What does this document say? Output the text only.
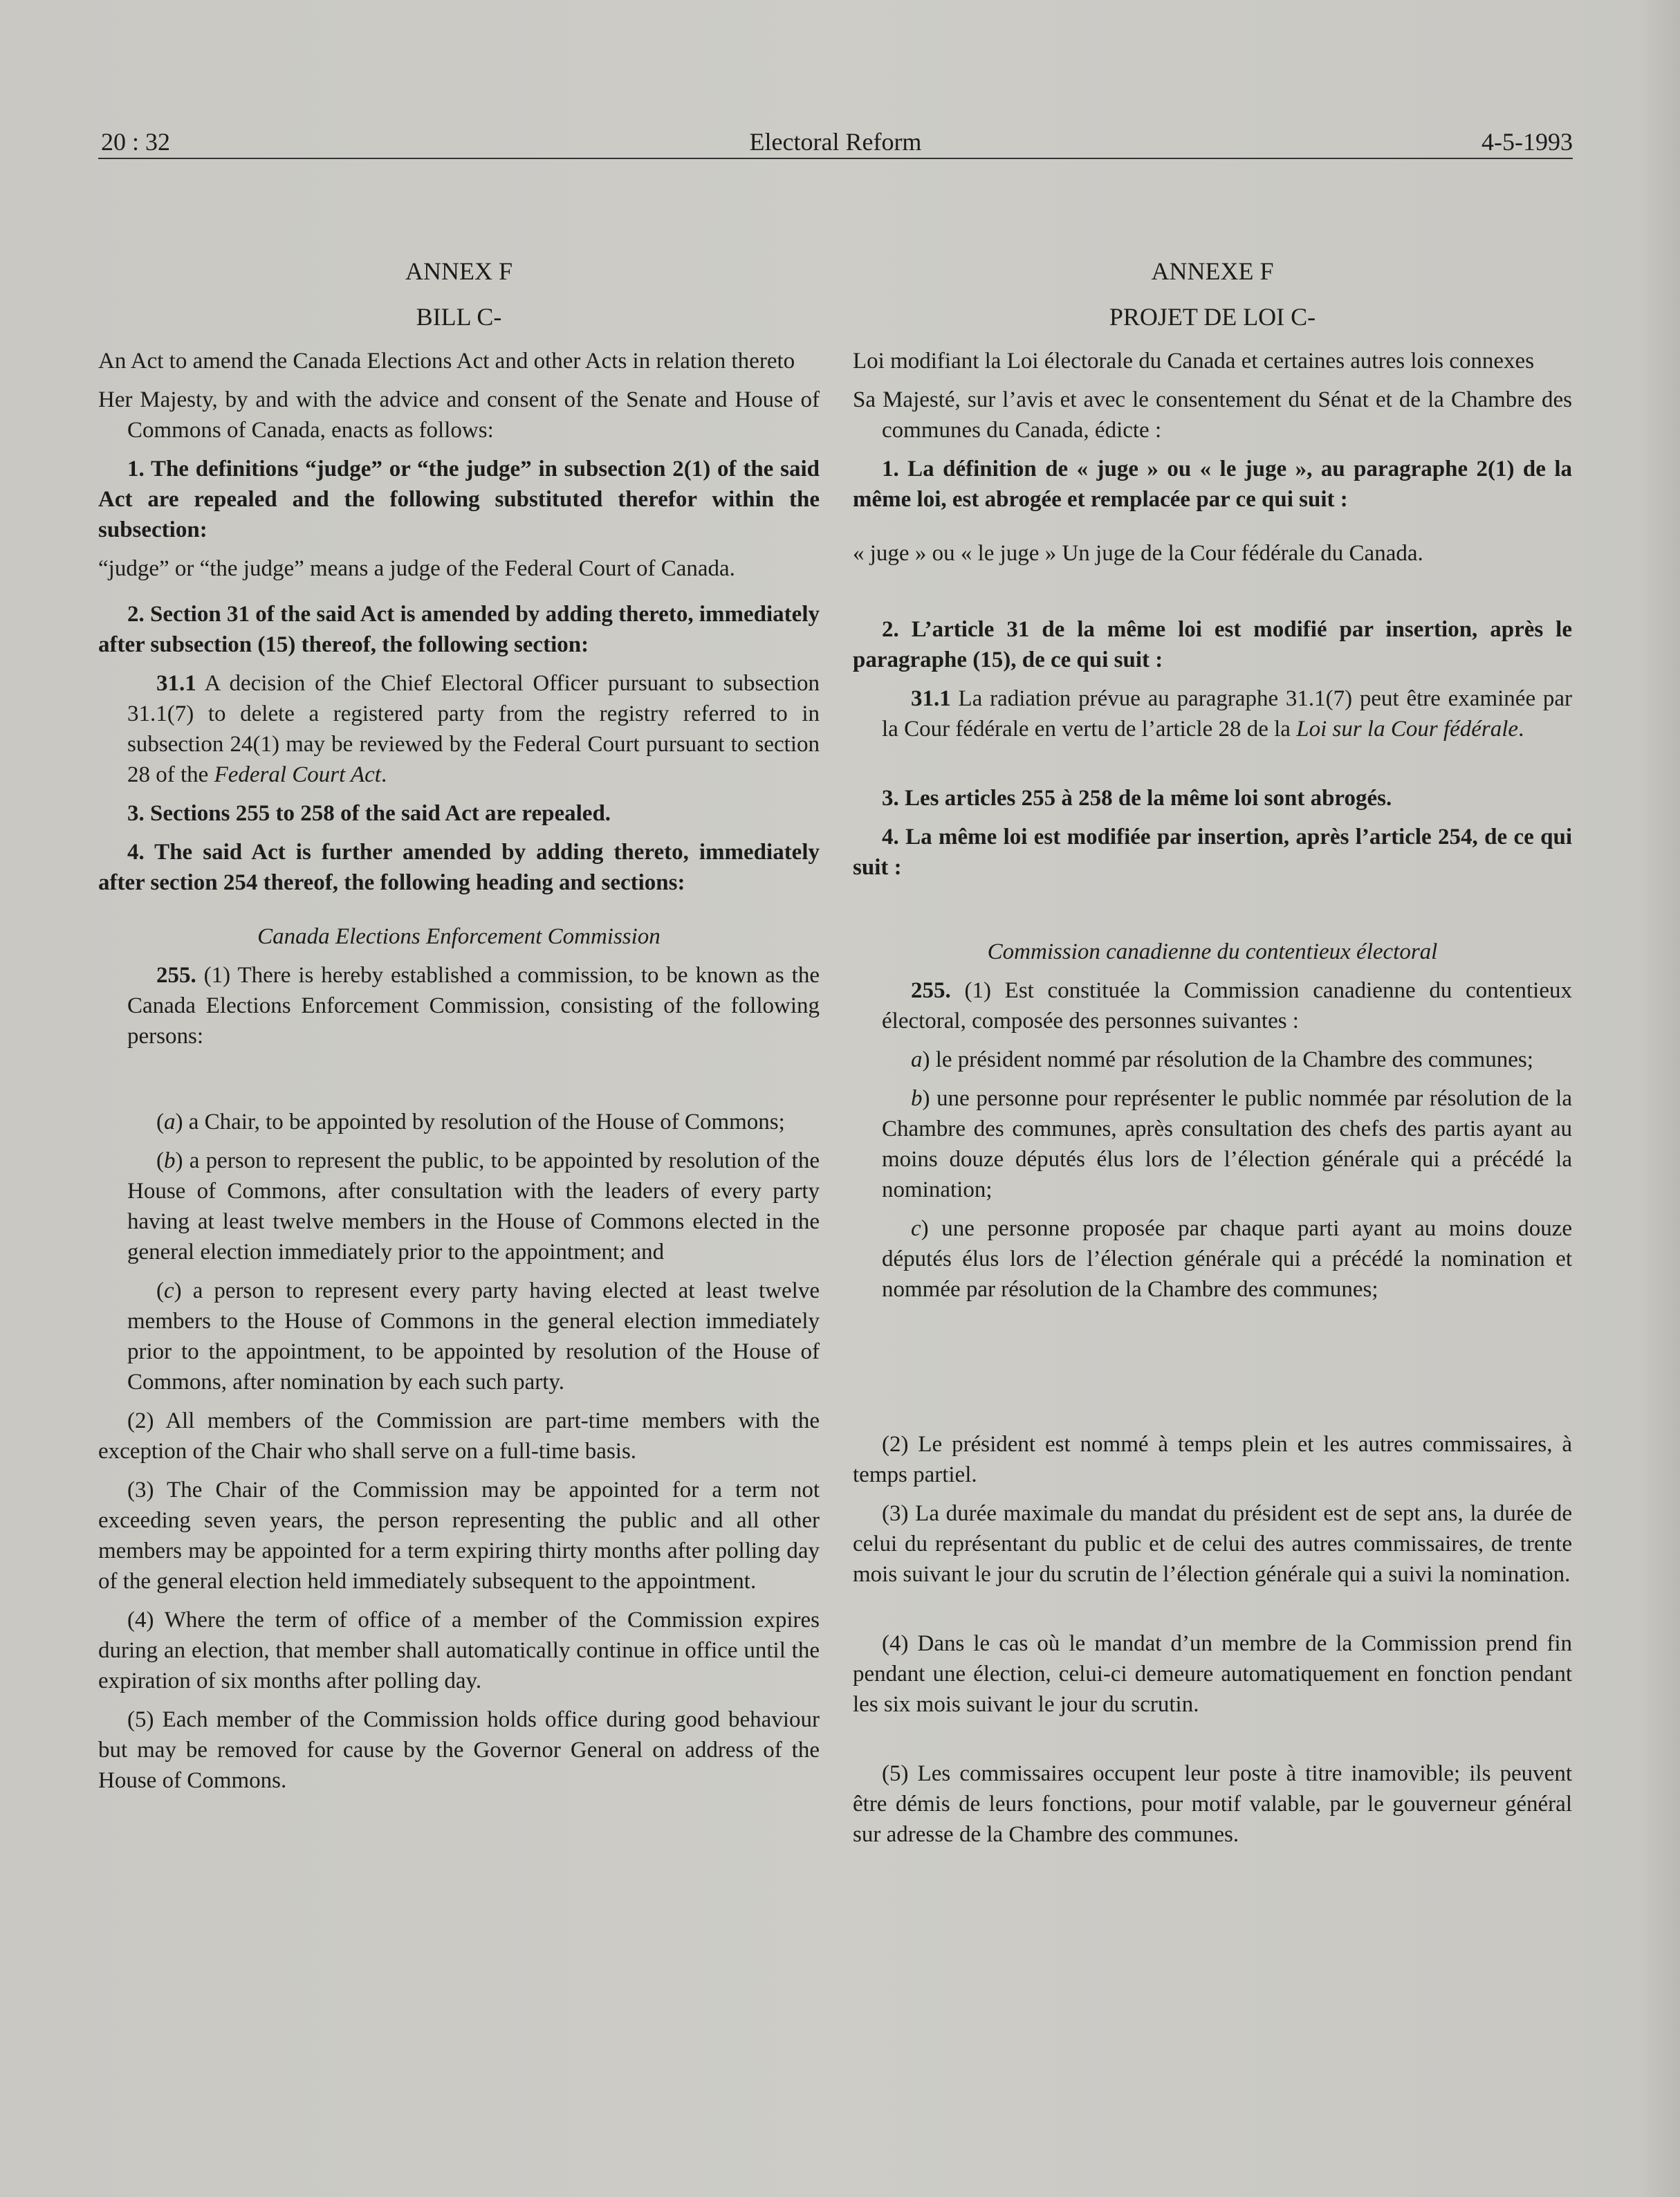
20 : 32	Electoral Reform	4-5-1993

ANNEX F

BILL C-

An Act to amend the Canada Elections Act and other Acts in relation thereto

Her Majesty, by and with the advice and consent of the Senate and House of Commons of Canada, enacts as follows:

1. The definitions “judge” or “the judge” in subsection 2(1) of the said Act are repealed and the following substituted therefor within the subsection:

“judge” or “the judge” means a judge of the Federal Court of Canada.

2. Section 31 of the said Act is amended by adding thereto, immediately after subsection (15) thereof, the following section:

31.1 A decision of the Chief Electoral Officer pursuant to subsection 31.1(7) to delete a registered party from the registry referred to in subsection 24(1) may be reviewed by the Federal Court pursuant to section 28 of the Federal Court Act.

3. Sections 255 to 258 of the said Act are repealed.

4. The said Act is further amended by adding thereto, immediately after section 254 thereof, the following heading and sections:

Canada Elections Enforcement Commission

255. (1) There is hereby established a commission, to be known as the Canada Elections Enforcement Commission, consisting of the following persons:

(a) a Chair, to be appointed by resolution of the House of Commons;

(b) a person to represent the public, to be appointed by resolution of the House of Commons, after consultation with the leaders of every party having at least twelve members in the House of Commons elected in the general election immediately prior to the appointment; and

(c) a person to represent every party having elected at least twelve members to the House of Commons in the general election immediately prior to the appointment, to be appointed by resolution of the House of Commons, after nomination by each such party.

(2) All members of the Commission are part-time members with the exception of the Chair who shall serve on a full-time basis.

(3) The Chair of the Commission may be appointed for a term not exceeding seven years, the person representing the public and all other members may be appointed for a term expiring thirty months after polling day of the general election held immediately subsequent to the appointment.

(4) Where the term of office of a member of the Commission expires during an election, that member shall automatically continue in office until the expiration of six months after polling day.

(5) Each member of the Commission holds office during good behaviour but may be removed for cause by the Governor General on address of the House of Commons.

ANNEXE F

PROJET DE LOI C-

Loi modifiant la Loi électorale du Canada et certaines autres lois connexes

Sa Majesté, sur l’avis et avec le consentement du Sénat et de la Chambre des communes du Canada, édicte :

1. La définition de « juge » ou « le juge », au paragraphe 2(1) de la même loi, est abrogée et remplacée par ce qui suit :

« juge » ou « le juge » Un juge de la Cour fédérale du Canada.

2. L’article 31 de la même loi est modifié par insertion, après le paragraphe (15), de ce qui suit :

31.1 La radiation prévue au paragraphe 31.1(7) peut être examinée par la Cour fédérale en vertu de l’article 28 de la Loi sur la Cour fédérale.

3. Les articles 255 à 258 de la même loi sont abrogés.

4. La même loi est modifiée par insertion, après l’article 254, de ce qui suit :

Commission canadienne du contentieux électoral

255. (1) Est constituée la Commission canadienne du contentieux électoral, composée des personnes suivantes :

a) le président nommé par résolution de la Chambre des communes;

b) une personne pour représenter le public nommée par résolution de la Chambre des communes, après consultation des chefs des partis ayant au moins douze députés élus lors de l’élection générale qui a précédé la nomination;

c) une personne proposée par chaque parti ayant au moins douze députés élus lors de l’élection générale qui a précédé la nomination et nommée par résolution de la Chambre des communes;

(2) Le président est nommé à temps plein et les autres commissaires, à temps partiel.

(3) La durée maximale du mandat du président est de sept ans, la durée de celui du représentant du public et de celui des autres commissaires, de trente mois suivant le jour du scrutin de l’élection générale qui a suivi la nomination.

(4) Dans le cas où le mandat d’un membre de la Commission prend fin pendant une élection, celui-ci demeure automatiquement en fonction pendant les six mois suivant le jour du scrutin.

(5) Les commissaires occupent leur poste à titre inamovible; ils peuvent être démis de leurs fonctions, pour motif valable, par le gouverneur général sur adresse de la Chambre des communes.
